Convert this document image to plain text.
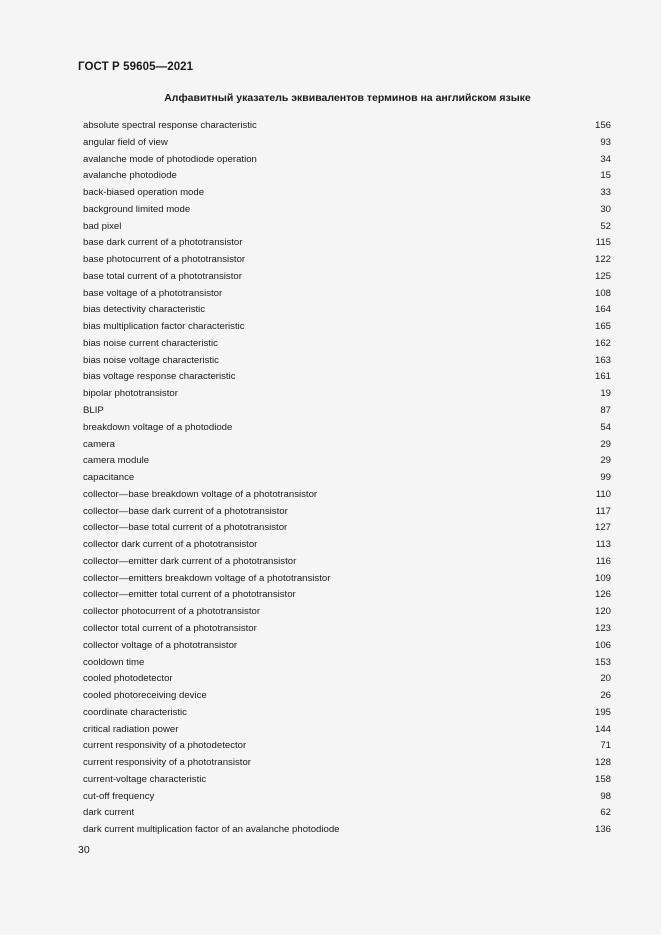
ГОСТ Р 59605—2021
Алфавитный указатель эквивалентов терминов на английском языке
absolute spectral response characteristic	156
angular field of view	93
avalanche mode of photodiode operation	34
avalanche photodiode	15
back-biased operation mode	33
background limited mode	30
bad pixel	52
base dark current of a phototransistor	115
base photocurrent of a phototransistor	122
base total current of a phototransistor	125
base voltage of a phototransistor	108
bias detectivity characteristic	164
bias multiplication factor characteristic	165
bias noise current characteristic	162
bias noise voltage characteristic	163
bias voltage response characteristic	161
bipolar phototransistor	19
BLIP	87
breakdown voltage of a photodiode	54
camera	29
camera module	29
capacitance	99
collector—base breakdown voltage of a phototransistor	110
collector—base dark current of a phototransistor	117
collector—base total current of a phototransistor	127
collector dark current of a phototransistor	113
collector—emitter dark current of a phototransistor	116
collector—emitters breakdown voltage of a phototransistor	109
collector—emitter total current of a phototransistor	126
collector photocurrent of a phototransistor	120
collector total current of a phototransistor	123
collector voltage of a phototransistor	106
cooldown time	153
cooled photodetector	20
cooled photoreceiving device	26
coordinate characteristic	195
critical radiation power	144
current responsivity of a photodetector	71
current responsivity of a phototransistor	128
current-voltage characteristic	158
cut-off frequency	98
dark current	62
dark current multiplication factor of an avalanche photodiode	136
30
